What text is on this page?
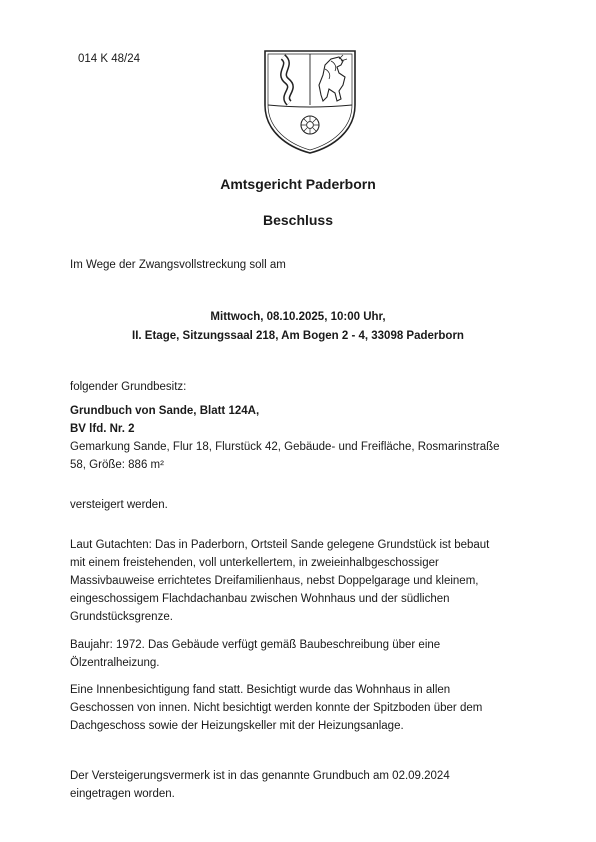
014 K 48/24
Amtsgericht Paderborn
Beschluss
Im Wege der Zwangsvollstreckung soll am
Mittwoch, 08.10.2025, 10:00 Uhr,
II. Etage, Sitzungssaal 218, Am Bogen 2 - 4, 33098 Paderborn
folgender Grundbesitz:
Grundbuch von Sande, Blatt 124A,
BV lfd. Nr. 2
Gemarkung Sande, Flur 18, Flurstück 42, Gebäude- und Freifläche, Rosmarinstraße
58, Größe: 886 m²
versteigert werden.
Laut Gutachten: Das in Paderborn, Ortsteil Sande gelegene Grundstück ist bebaut
mit einem freistehenden, voll unterkellertem, in zweieinhalbgeschossiger
Massivbauweise errichtetes Dreifamilienhaus, nebst Doppelgarage und kleinem,
eingeschossigem Flachdachanbau zwischen Wohnhaus und der südlichen
Grundstücksgrenze.
Baujahr: 1972. Das Gebäude verfügt gemäß Baubeschreibung über eine
Ölzentralheizung.
Eine Innenbesichtigung fand statt. Besichtigt wurde das Wohnhaus in allen
Geschossen von innen. Nicht besichtigt werden konnte der Spitzboden über dem
Dachgeschoss sowie der Heizungskeller mit der Heizungsanlage.
Der Versteigerungsvermerk ist in das genannte Grundbuch am 02.09.2024
eingetragen worden.
